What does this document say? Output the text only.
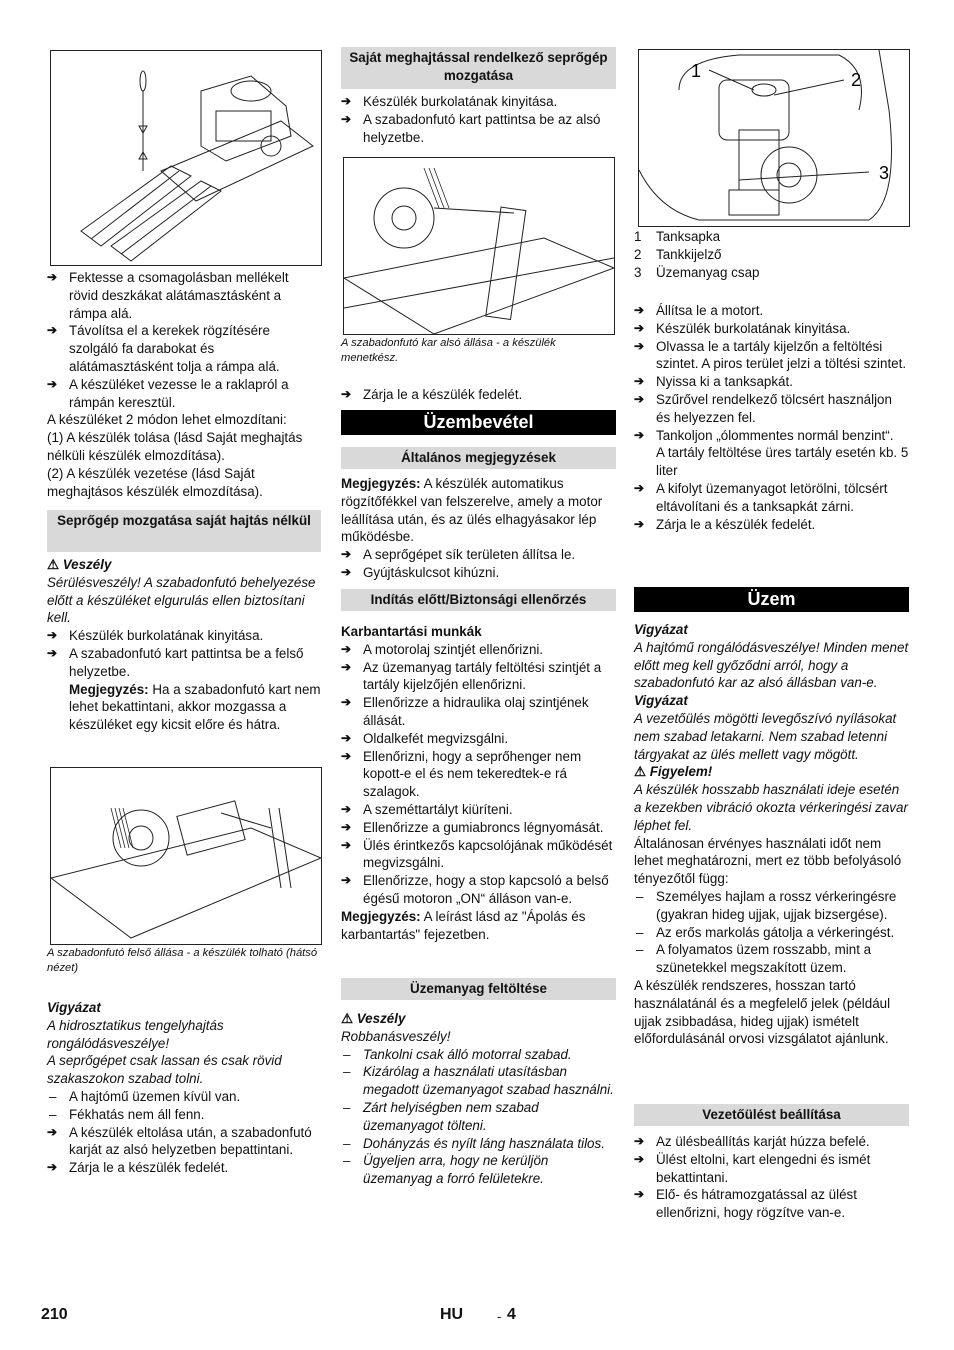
➔ Fektesse a csomagolásban mellékelt rövid deszkákat alátámasztásként a rámpa alá.

➔ Távolítsa el a kerekek rögzítésére szolgáló fa darabokat és alátámasztásként tolja a rámpa alá.

➔ A készüléket vezesse le a raklapról a rámpán keresztül.

A készüléket 2 módon lehet elmozdítani:

(1) A készülék tolása (lásd Saját meghajtás nélküli készülék elmozdítása).

(2) A készülék vezetése (lásd Saját meghajtásos készülék elmozdítása).

Seprőgép mozgatása saját hajtás nélkül

⚠ Veszély

Sérülésveszély! A szabadonfutó behelyezése előtt a készüléket elgurulás ellen biztosítani kell.

➔ Készülék burkolatának kinyitása.

➔ A szabadonfutó kart pattintsa be a felső helyzetbe.

Megjegyzés: Ha a szabadonfutó kart nem lehet bekattintani, akkor mozgassa a készüléket egy kicsit előre és hátra.

A szabadonfutó felső állása - a készülék tolható (hátsó nézet)

Vigyázat

A hidrosztatikus tengelyhajtás rongálódásveszélye!

A seprőgépet csak lassan és csak rövid szakaszokon szabad tolni.

– A hajtómű üzemen kívül van.

– Fékhatás nem áll fenn.

➔ A készülék eltolása után, a szabadonfutó karját az alsó helyzetben bepattintani.

➔ Zárja le a készülék fedelét.

Saját meghajtással rendelkező seprőgép mozgatása

➔ Készülék burkolatának kinyitása.

➔ A szabadonfutó kart pattintsa be az alsó helyzetbe.

A szabadonfutó kar alsó állása - a készülék menetkész.

➔ Zárja le a készülék fedelét.

Üzembevétel
Általános megjegyzések

Megjegyzés: A készülék automatikus rögzítőfékkel van felszerelve, amely a motor leállítása után, és az ülés elhagyásakor lép működésbe.

➔ A seprőgépet sík területen állítsa le.

➔ Gyújtáskulcsot kihúzni.

Indítás előtt/Biztonsági ellenőrzés

Karbantartási munkák

➔ A motorolaj szintjét ellenőrizni.

➔ Az üzemanyag tartály feltöltési szintjét a tartály kijelzőjén ellenőrizni.

➔ Ellenőrizze a hidraulika olaj szintjének állását.

➔ Oldalkefét megvizsgálni.

➔ Ellenőrizni, hogy a seprőhenger nem kopott-e el és nem tekeredtek-e rá szalagok.

➔ A szeméttartályt kiüríteni.

➔ Ellenőrizze a gumiabroncs légnyomását.

➔ Ülés érintkezős kapcsolójának működését megvizsgálni.

➔ Ellenőrizze, hogy a stop kapcsoló a belső égésű motoron „ON“ álláson van-e.

Megjegyzés: A leírást lásd az "Ápolás és karbantartás" fejezetben.

Üzemanyag feltöltése

⚠ Veszély

Robbanásveszély!

– Tankolni csak álló motorral szabad.

– Kizárólag a használati utasításban megadott üzemanyagot szabad használni.

– Zárt helyiségben nem szabad üzemanyagot tölteni.

– Dohányzás és nyílt láng használata tilos.

– Ügyeljen arra, hogy ne kerüljön üzemanyag a forró felületekre.

1	2
3

1 Tanksapka

2 Tankkijelző

3 Üzemanyag csap

➔ Állítsa le a motort.

➔ Készülék burkolatának kinyitása.

➔ Olvassa le a tartály kijelzőn a feltöltési szintet. A piros terület jelzi a töltési szintet.

➔ Nyissa ki a tanksapkát.

➔ Szűrővel rendelkező tölcsért használjon és helyezzen fel.

➔ Tankoljon „ólommentes normál benzint“.

A tartály feltöltése üres tartály esetén kb. 5 liter

➔ A kifolyt üzemanyagot letörölni, tölcsért eltávolítani és a tanksapkát zárni.

➔ Zárja le a készülék fedelét.

Üzem

Vigyázat

A hajtómű rongálódásveszélye! Minden menet előtt meg kell győződni arról, hogy a szabadonfutó kar az alsó állásban van-e.

Vigyázat

A vezetőülés mögötti levegőszívó nyílásokat nem szabad letakarni. Nem szabad letenni tárgyakat az ülés mellett vagy mögött.

⚠ Figyelem!

A készülék hosszabb használati ideje esetén a kezekben vibráció okozta vérkeringési zavar léphet fel.

Általánosan érvényes használati időt nem lehet meghatározni, mert ez több befolyásoló tényezőtől függ:

– Személyes hajlam a rossz vérkeringésre (gyakran hideg ujjak, ujjak bizsergése).

– Az erős markolás gátolja a vérkeringést.

– A folyamatos üzem rosszabb, mint a szünetekkel megszakított üzem.

A készülék rendszeres, hosszan tartó használatánál és a megfelelő jelek (például ujjak zsibbadása, hideg ujjak) ismételt előfordulásánál orvosi vizsgálatot ajánlunk.

Vezetőülést beállítása

➔ Az ülésbeállítás karját húzza befelé.

➔ Ülést eltolni, kart elengedni és ismét bekattintani.

➔ Elő- és hátramozgatással az ülést ellenőrizni, hogy rögzítve van-e.

210	HU	- 4
